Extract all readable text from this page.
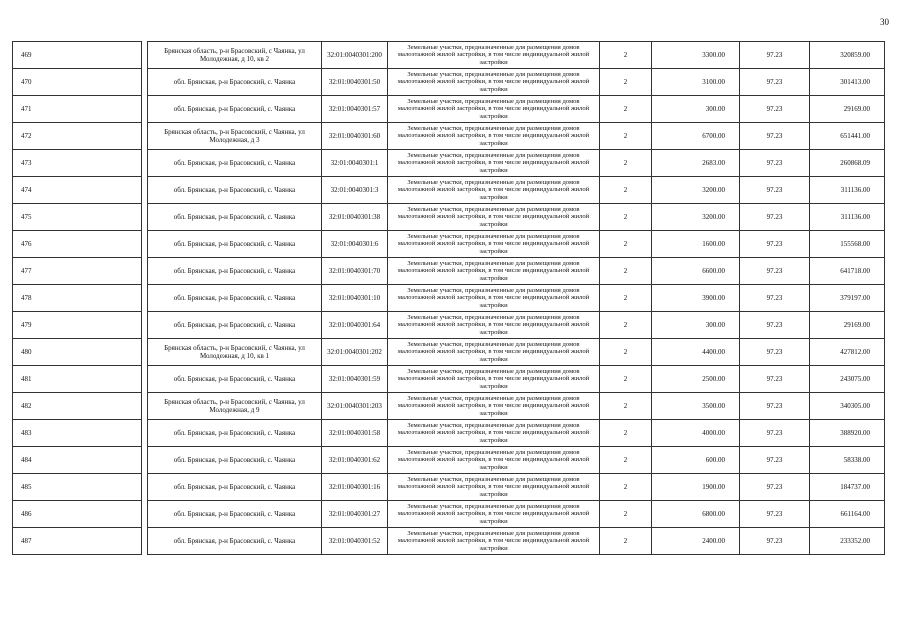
30
469		Брянская область, р-н Брасовский, с Чаянка, ул Молодежная, д 10, кв 2	32:01:0040301:200	Земельные участки, предназначенные для размещения домов малоэтажной жилой застройки, в том числе индивидуальной жилой застройки	2	3300.00	97.23	320859.00
470		обл. Брянская, р-н Брасовский, с. Чаянка	32:01:0040301:50	Земельные участки, предназначенные для размещения домов малоэтажной жилой застройки, в том числе индивидуальной жилой застройки	2	3100.00	97.23	301413.00
471		обл. Брянская, р-н Брасовский, с. Чаянка	32:01:0040301:57	Земельные участки, предназначенные для размещения домов малоэтажной жилой застройки, в том числе индивидуальной жилой застройки	2	300.00	97.23	29169.00
472		Брянская область, р-н Брасовский, с Чаянка, ул Молодежная, д 3	32:01:0040301:60	Земельные участки, предназначенные для размещения домов малоэтажной жилой застройки, в том числе индивидуальной жилой застройки	2	6700.00	97.23	651441.00
473		обл. Брянская, р-н Брасовский, с. Чаянка	32:01:0040301:1	Земельные участки, предназначенные для размещения домов малоэтажной жилой застройки, в том числе индивидуальной жилой застройки	2	2683.00	97.23	260868.09
474		обл. Брянская, р-н Брасовский, с. Чаянка	32:01:0040301:3	Земельные участки, предназначенные для размещения домов малоэтажной жилой застройки, в том числе индивидуальной жилой застройки	2	3200.00	97.23	311136.00
475		обл. Брянская, р-н Брасовский, с. Чаянка	32:01:0040301:38	Земельные участки, предназначенные для размещения домов малоэтажной жилой застройки, в том числе индивидуальной жилой застройки	2	3200.00	97.23	311136.00
476		обл. Брянская, р-н Брасовский, с. Чаянка	32:01:0040301:6	Земельные участки, предназначенные для размещения домов малоэтажной жилой застройки, в том числе индивидуальной жилой застройки	2	1600.00	97.23	155568.00
477		обл. Брянская, р-н Брасовский, с. Чаянка	32:01:0040301:70	Земельные участки, предназначенные для размещения домов малоэтажной жилой застройки, в том числе индивидуальной жилой застройки	2	6600.00	97.23	641718.00
478		обл. Брянская, р-н Брасовский, с. Чаянка	32:01:0040301:10	Земельные участки, предназначенные для размещения домов малоэтажной жилой застройки, в том числе индивидуальной жилой застройки	2	3900.00	97.23	379197.00
479		обл. Брянская, р-н Брасовский, с. Чаянка	32:01:0040301:64	Земельные участки, предназначенные для размещения домов малоэтажной жилой застройки, в том числе индивидуальной жилой застройки	2	300.00	97.23	29169.00
480		Брянская область, р-н Брасовский, с Чаянка, ул Молодежная, д 10, кв 1	32:01:0040301:202	Земельные участки, предназначенные для размещения домов малоэтажной жилой застройки, в том числе индивидуальной жилой застройки	2	4400.00	97.23	427812.00
481		обл. Брянская, р-н Брасовский, с. Чаянка	32:01:0040301:59	Земельные участки, предназначенные для размещения домов малоэтажной жилой застройки, в том числе индивидуальной жилой застройки	2	2500.00	97.23	243075.00
482		Брянская область, р-н Брасовский, с Чаянка, ул Молодежная, д 9	32:01:0040301:203	Земельные участки, предназначенные для размещения домов малоэтажной жилой застройки, в том числе индивидуальной жилой застройки	2	3500.00	97.23	340305.00
483		обл. Брянская, р-н Брасовский, с. Чаянка	32:01:0040301:58	Земельные участки, предназначенные для размещения домов малоэтажной жилой застройки, в том числе индивидуальной жилой застройки	2	4000.00	97.23	388920.00
484		обл. Брянская, р-н Брасовский, с. Чаянка	32:01:0040301:62	Земельные участки, предназначенные для размещения домов малоэтажной жилой застройки, в том числе индивидуальной жилой застройки	2	600.00	97.23	58338.00
485		обл. Брянская, р-н Брасовский, с. Чаянка	32:01:0040301:16	Земельные участки, предназначенные для размещения домов малоэтажной жилой застройки, в том числе индивидуальной жилой застройки	2	1900.00	97.23	184737.00
486		обл. Брянская, р-н Брасовский, с. Чаянка	32:01:0040301:27	Земельные участки, предназначенные для размещения домов малоэтажной жилой застройки, в том числе индивидуальной жилой застройки	2	6800.00	97.23	661164.00
487		обл. Брянская, р-н Брасовский, с. Чаянка	32:01:0040301:52	Земельные участки, предназначенные для размещения домов малоэтажной жилой застройки, в том числе индивидуальной жилой застройки	2	2400.00	97.23	233352.00
